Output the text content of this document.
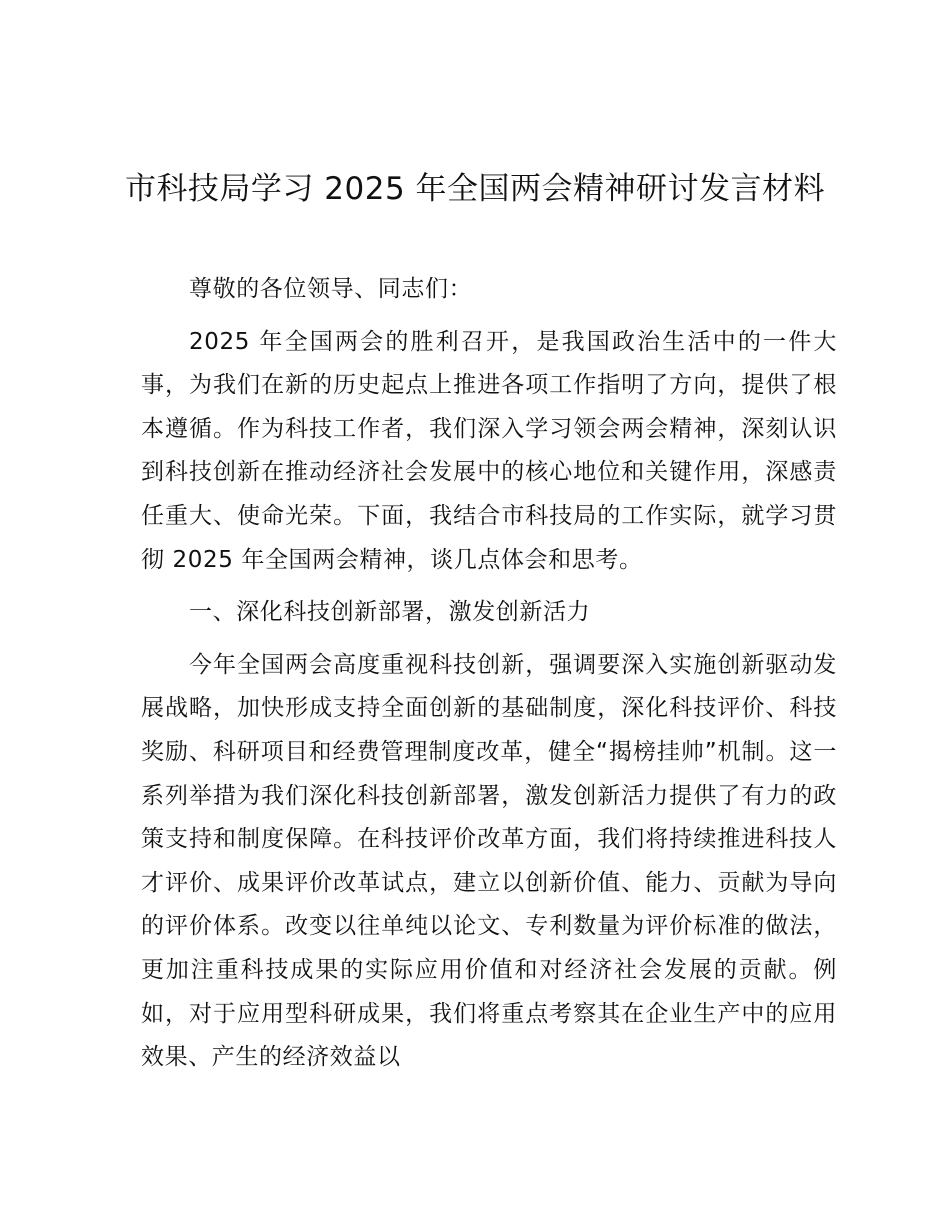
市科技局学习 2025 年全国两会精神研讨发言材料

尊敬的各位领导、同志们：

2025 年全国两会的胜利召开，是我国政治生活中的一件大事，为我们在新的历史起点上推进各项工作指明了方向，提供了根本遵循。作为科技工作者，我们深入学习领会两会精神，深刻认识到科技创新在推动经济社会发展中的核心地位和关键作用，深感责任重大、使命光荣。下面，我结合市科技局的工作实际，就学习贯彻 2025 年全国两会精神，谈几点体会和思考。

一、深化科技创新部署，激发创新活力

今年全国两会高度重视科技创新，强调要深入实施创新驱动发展战略，加快形成支持全面创新的基础制度，深化科技评价、科技奖励、科研项目和经费管理制度改革，健全“揭榜挂帅”机制。这一系列举措为我们深化科技创新部署，激发创新活力提供了有力的政策支持和制度保障。在科技评价改革方面，我们将持续推进科技人才评价、成果评价改革试点，建立以创新价值、能力、贡献为导向的评价体系。改变以往单纯以论文、专利数量为评价标准的做法，更加注重科技成果的实际应用价值和对经济社会发展的贡献。例如，对于应用型科研成果，我们将重点考察其在企业生产中的应用效果、产生的经济效益以
